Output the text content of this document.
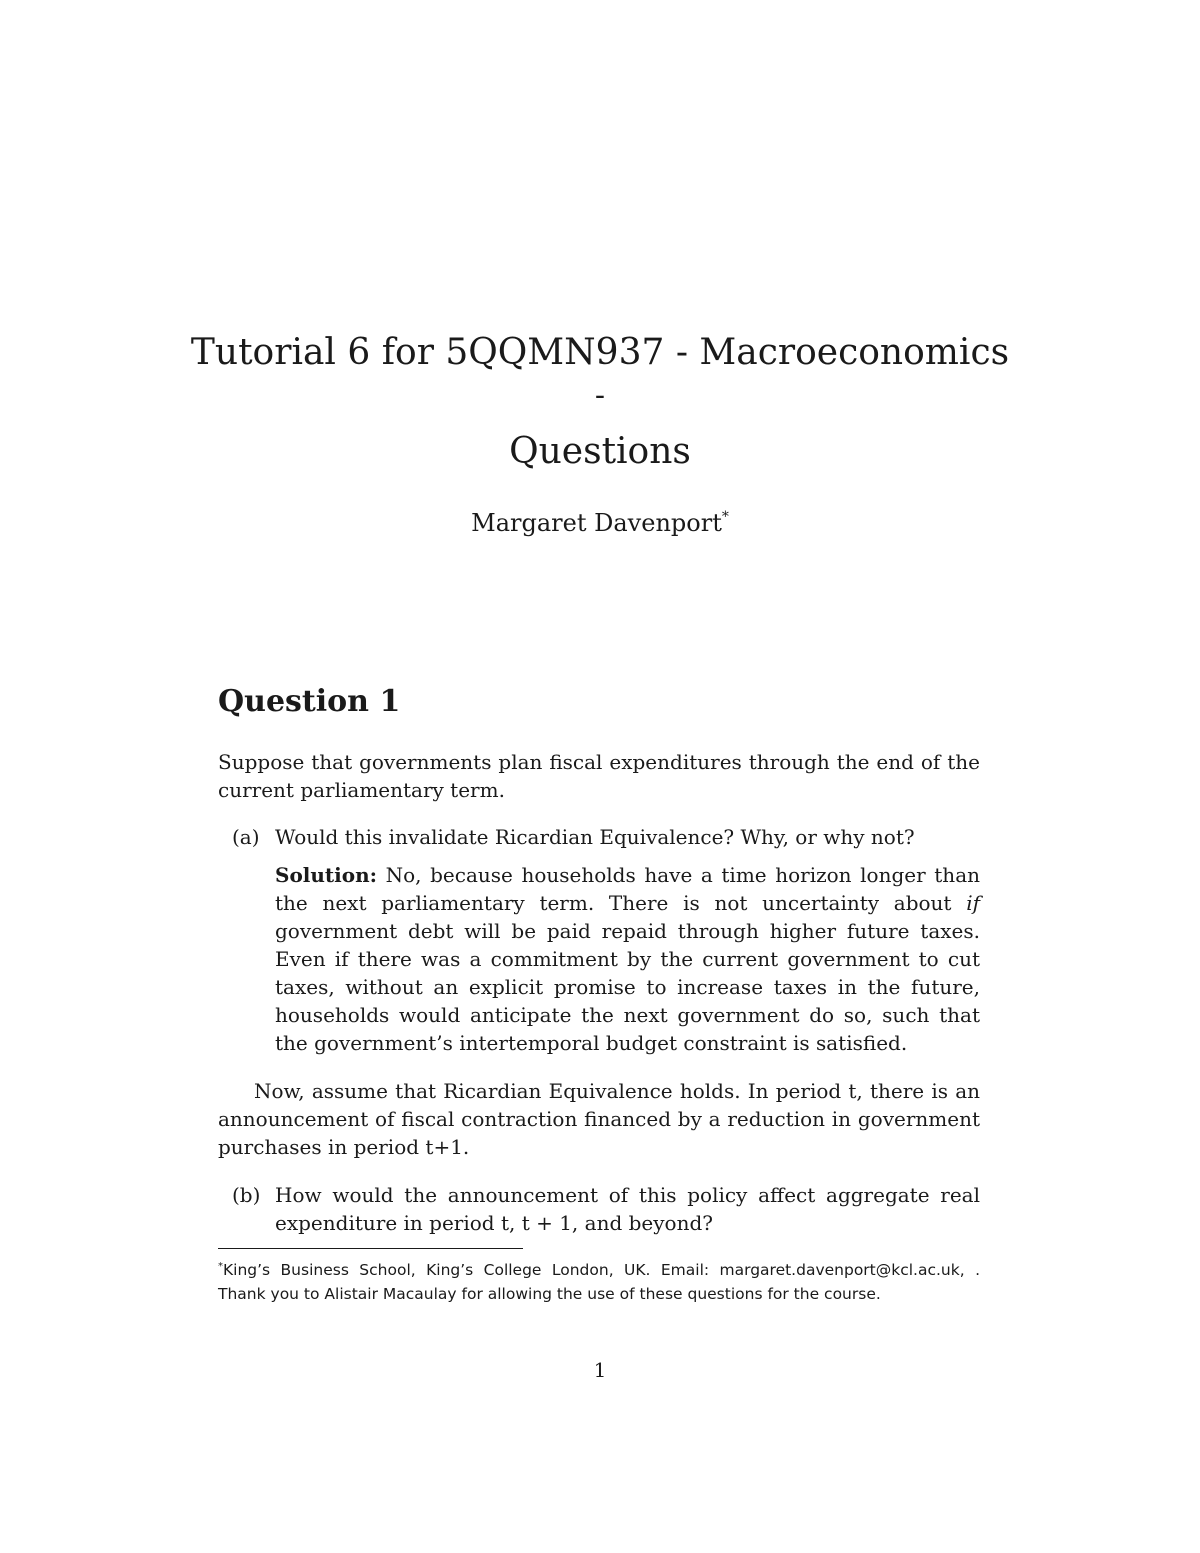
Tutorial 6 for 5QQMN937 - Macroeconomics
-
Questions
Margaret Davenport*
Question 1
Suppose that governments plan fiscal expenditures through the end of the current parliamentary term.
(a) Would this invalidate Ricardian Equivalence? Why, or why not?
Solution: No, because households have a time horizon longer than the next parliamentary term. There is not uncertainty about if government debt will be paid repaid through higher future taxes. Even if there was a commitment by the current government to cut taxes, without an explicit promise to increase taxes in the future, households would anticipate the next government do so, such that the government’s intertemporal budget constraint is satisfied.
Now, assume that Ricardian Equivalence holds. In period t, there is an announcement of fiscal contraction financed by a reduction in government purchases in period t+1.
(b) How would the announcement of this policy affect aggregate real expenditure in period t, t + 1, and beyond?
*King’s Business School, King’s College London, UK. Email: margaret.davenport@kcl.ac.uk, . Thank you to Alistair Macaulay for allowing the use of these questions for the course.
1
